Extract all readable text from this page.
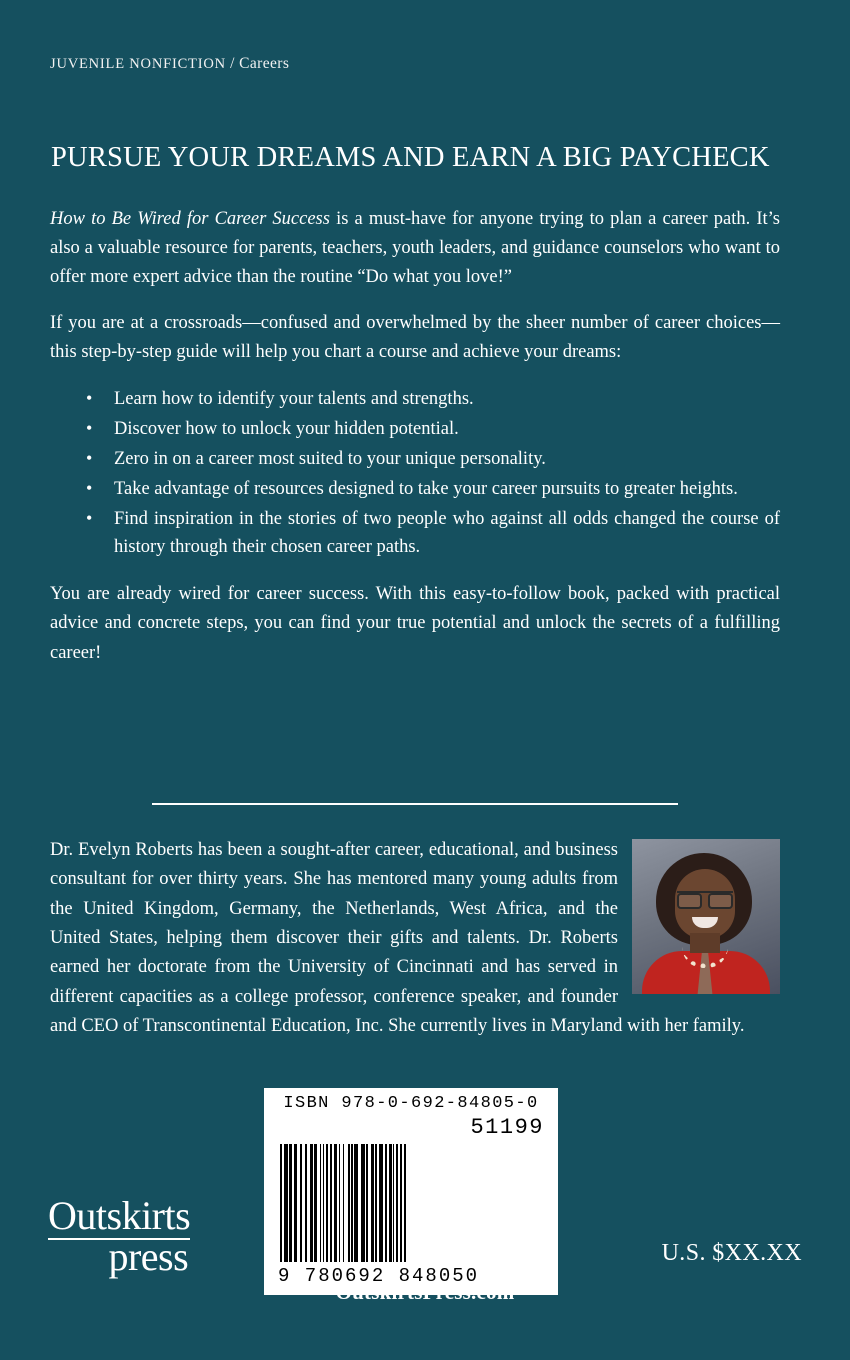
JUVENILE NONFICTION / Careers
PURSUE YOUR DREAMS AND EARN A BIG PAYCHECK

How to Be Wired for Career Success is a must-have for anyone trying to plan a career path. It’s also a valuable resource for parents, teachers, youth leaders, and guidance counselors who want to offer more expert advice than the routine “Do what you love!”

If you are at a crossroads—confused and overwhelmed by the sheer number of career choices—this step-by-step guide will help you chart a course and achieve your dreams:

• Learn how to identify your talents and strengths.
• Discover how to unlock your hidden potential.
• Zero in on a career most suited to your unique personality.
• Take advantage of resources designed to take your career pursuits to greater heights.
• Find inspiration in the stories of two people who against all odds changed the course of history through their chosen career paths.

You are already wired for career success. With this easy-to-follow book, packed with practical advice and concrete steps, you can find your true potential and unlock the secrets of a fulfilling career!

Dr. Evelyn Roberts has been a sought-after career, educational, and business consultant for over thirty years. She has mentored many young adults from the United Kingdom, Germany, the Netherlands, West Africa, and the United States, helping them discover their gifts and talents. Dr. Roberts earned her doctorate from the University of Cincinnati and has served in different capacities as a college professor, conference speaker, and founder and CEO of Transcontinental Education, Inc. She currently lives in Maryland with her family.

ISBN 978-0-692-84805-0
51199
9 780692 848050
Outskirts
press	U.S. $XX.XX
OutskirtsPress.com
